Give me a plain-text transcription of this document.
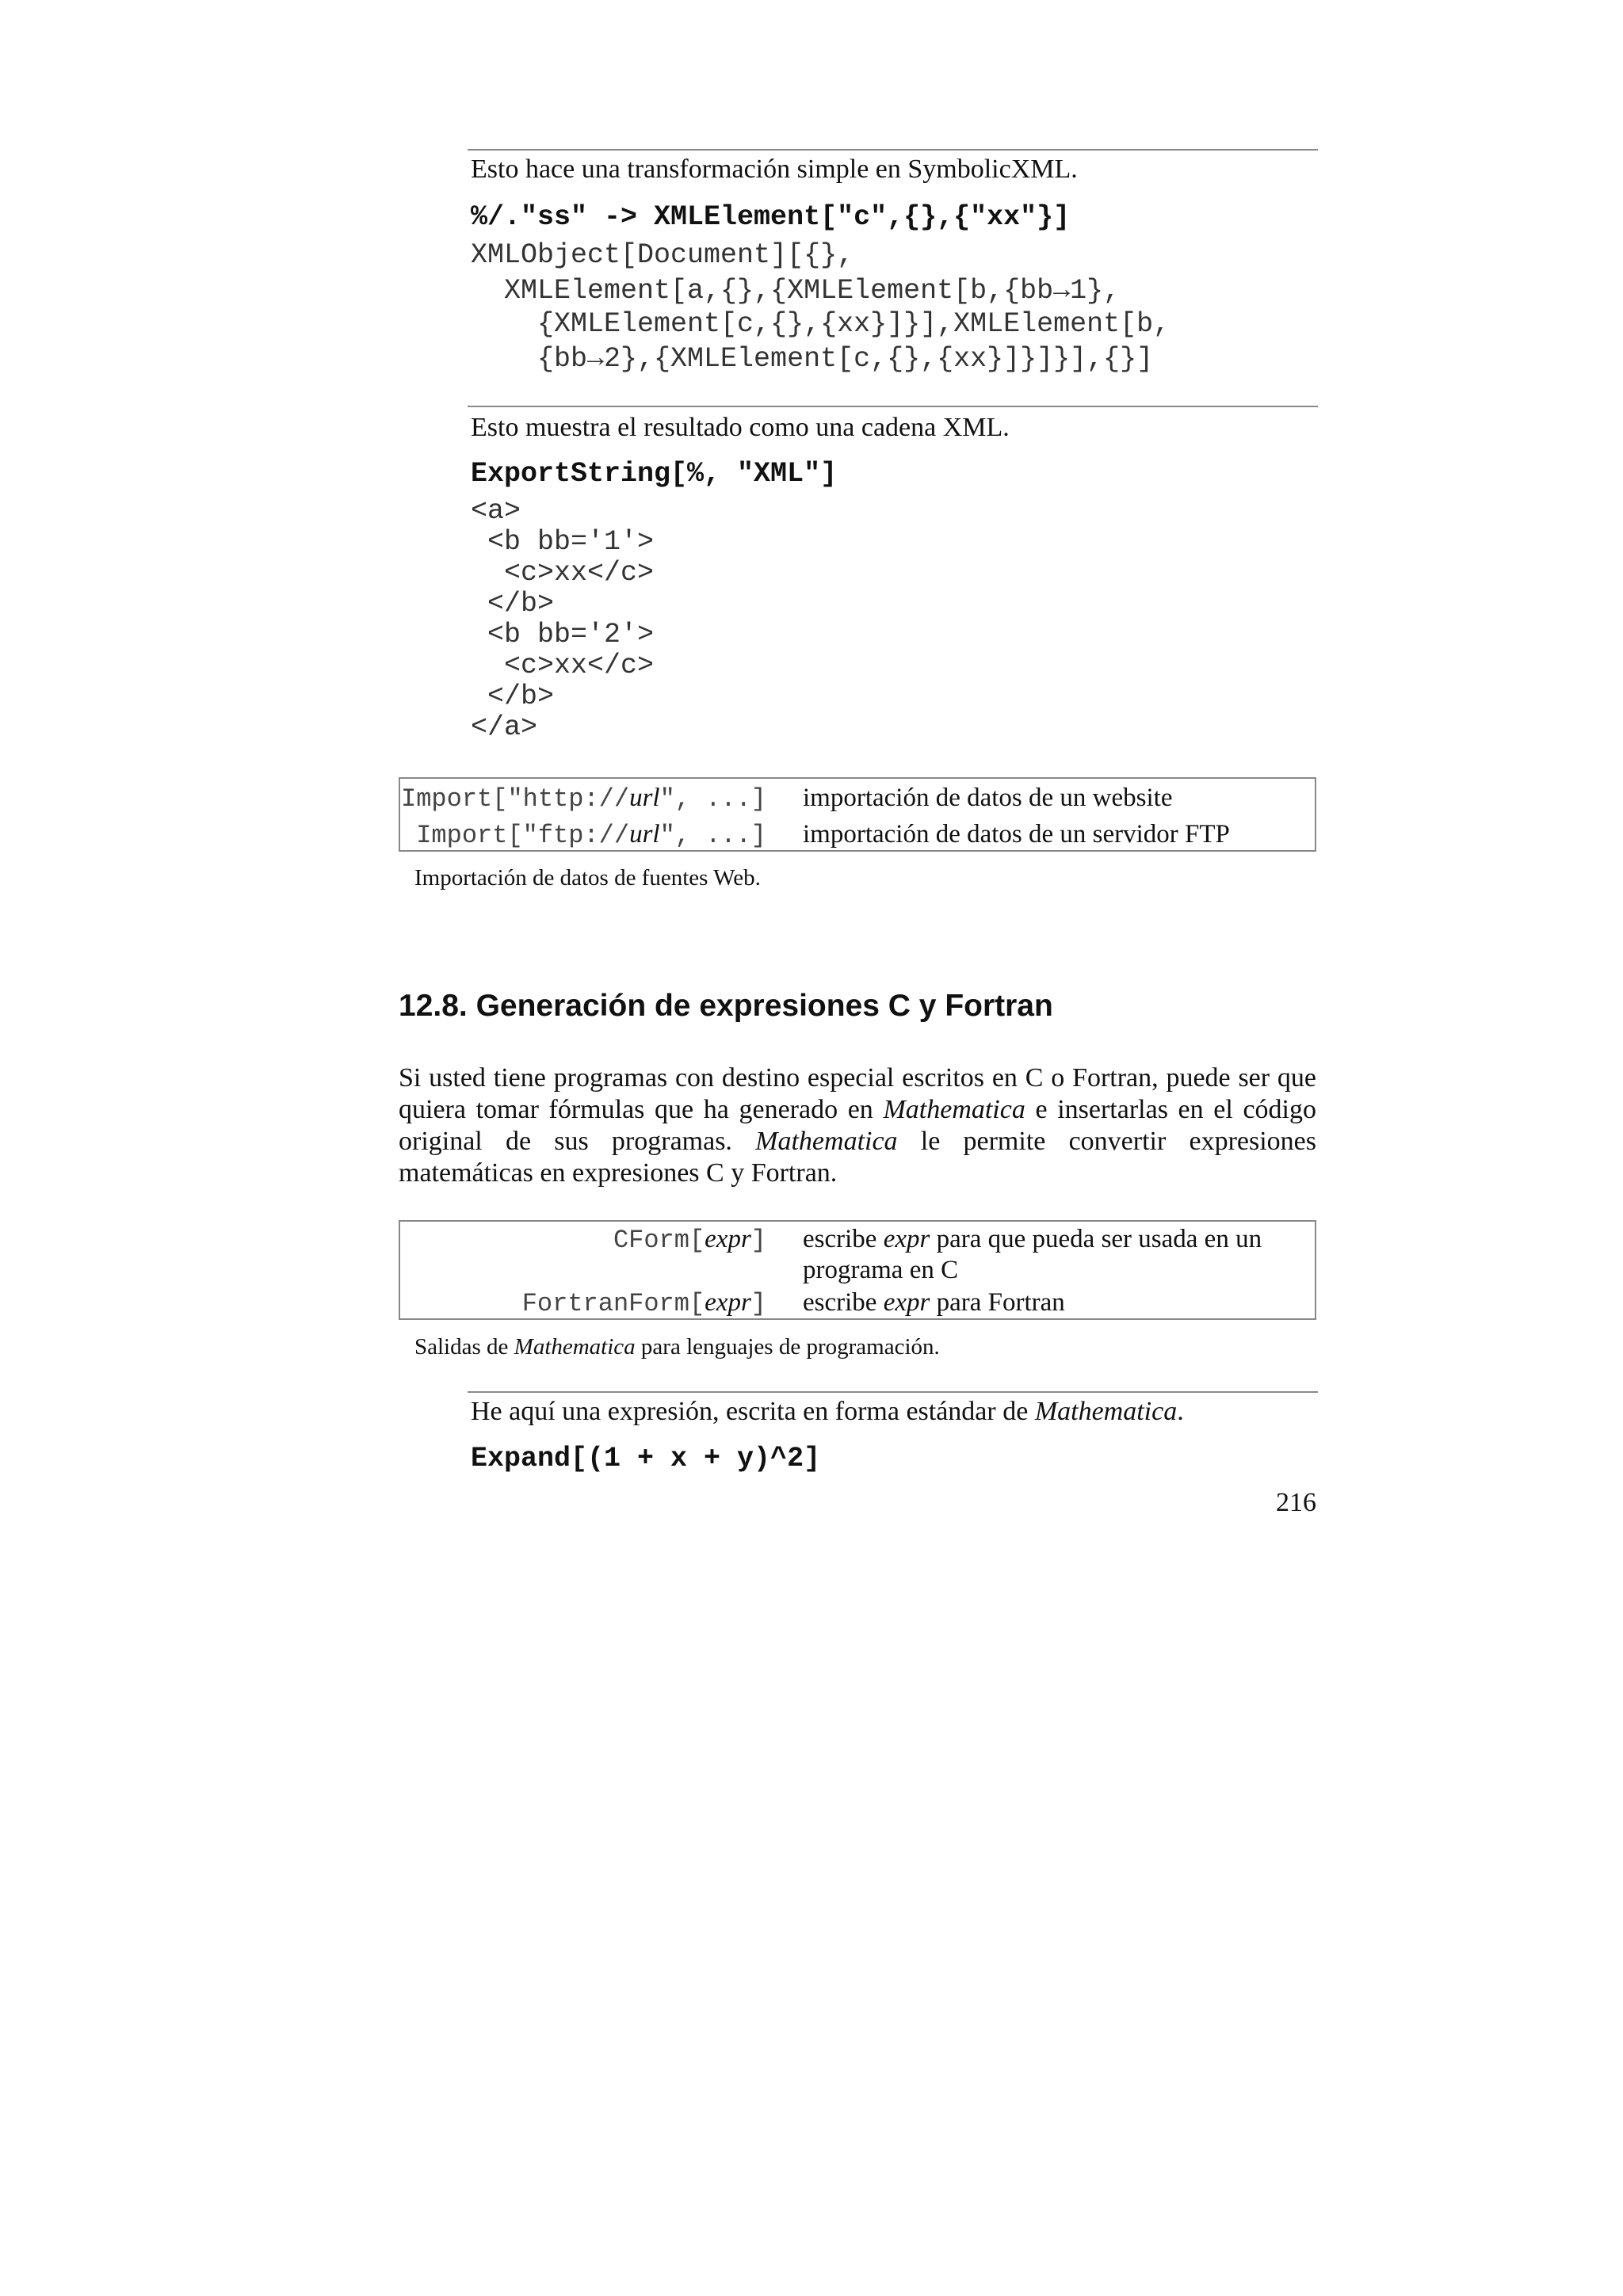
Esto hace una transformación simple en SymbolicXML.
%/."ss" -> XMLElement["c",{},{"xx"}]
XMLObject[Document][{},
XMLElement[a,{},{XMLElement[b,{bb→1},
{XMLElement[c,{},{xx}]}],XMLElement[b,
{bb→2},{XMLElement[c,{},{xx}]}]}],{}]
Esto muestra el resultado como una cadena XML.
ExportString[%, "XML"]
<a>
<b bb='1'>
<c>xx</c>
</b>
<b bb='2'>
<c>xx</c>
</b>
</a>
Import["http://url", ...] importación de datos de un website
Import["ftp://url", ...] importación de datos de un servidor FTP
Importación de datos de fuentes Web.
12.8. Generación de expresiones C y Fortran
Si usted tiene programas con destino especial escritos en C o Fortran, puede ser que quiera tomar fórmulas que ha generado en Mathematica e insertarlas en el código original de sus programas. Mathematica le permite convertir expresiones matemáticas en expresiones C y Fortran.
CForm[expr] escribe expr para que pueda ser usada en un
programa en C
FortranForm[expr] escribe expr para Fortran
Salidas de Mathematica para lenguajes de programación.
He aquí una expresión, escrita en forma estándar de Mathematica.
Expand[(1 + x + y)^2]
216
